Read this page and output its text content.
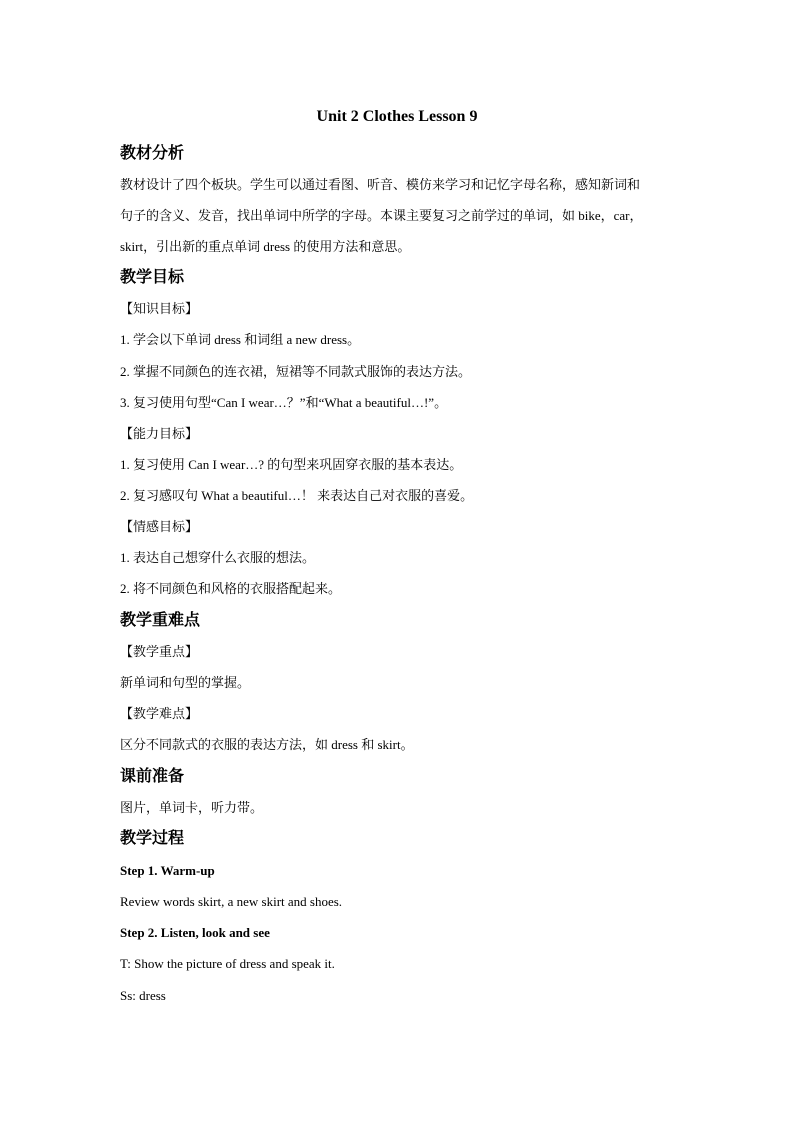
Unit 2 Clothes Lesson 9
教材分析
教材设计了四个板块。学生可以通过看图、听音、模仿来学习和记忆字母名称，感知新词和
句子的含义、发音，找出单词中所学的字母。本课主要复习之前学过的单词，如 bike，car，
skirt，引出新的重点单词 dress 的使用方法和意思。
教学目标
【知识目标】
1. 学会以下单词 dress 和词组 a new dress。
2. 掌握不同颜色的连衣裙，短裙等不同款式服饰的表达方法。
3. 复习使用句型“Can I wear…？”和“What a beautiful…!”。
【能力目标】
1. 复习使用 Can I wear…? 的句型来巩固穿衣服的基本表达。
2. 复习感叹句 What a beautiful…！ 来表达自己对衣服的喜爱。
【情感目标】
1. 表达自己想穿什么衣服的想法。
2. 将不同颜色和风格的衣服搭配起来。
教学重难点
【教学重点】
新单词和句型的掌握。
【教学难点】
区分不同款式的衣服的表达方法，如 dress 和 skirt。
课前准备
图片，单词卡，听力带。
教学过程
Step 1. Warm-up
Review words skirt, a new skirt and shoes.
Step 2. Listen, look and see
T: Show the picture of dress and speak it.
Ss: dress
